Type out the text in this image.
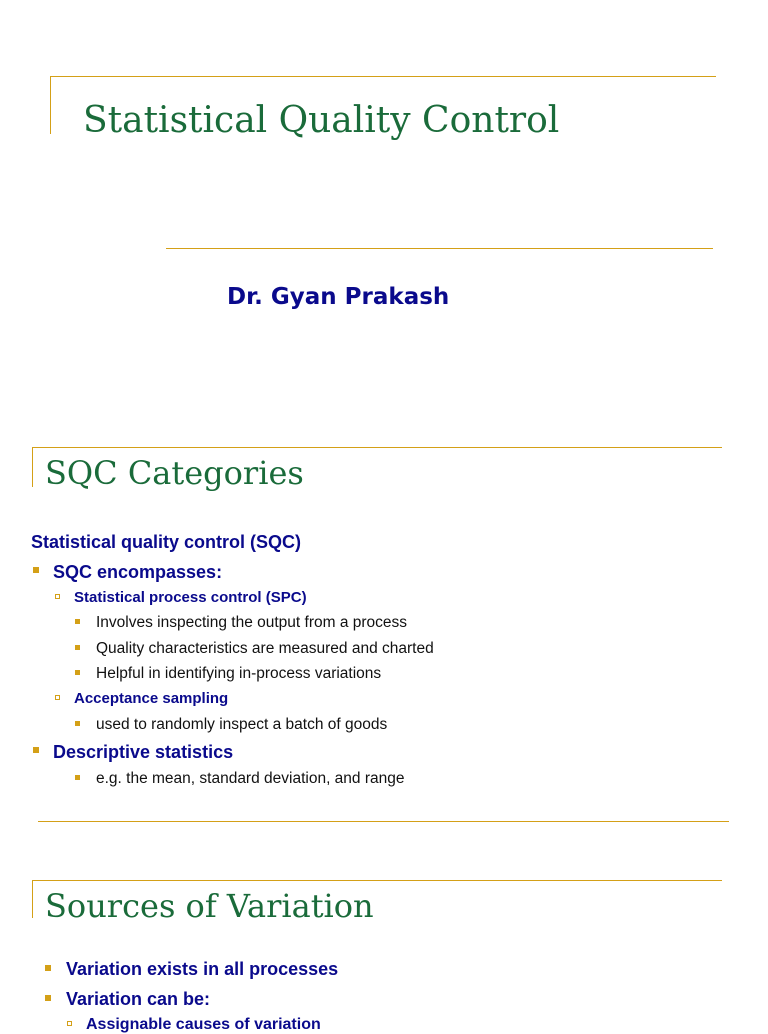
Statistical Quality Control
Dr. Gyan Prakash
SQC Categories
Statistical quality control (SQC)
SQC encompasses:
Statistical process control (SPC)
Involves inspecting the output from a process
Quality characteristics are measured and charted
Helpful in identifying in-process variations
Acceptance sampling
used to randomly inspect a batch of goods
Descriptive statistics
e.g. the mean, standard deviation, and range
Sources of Variation
Variation exists in all processes
Variation can be:
Assignable causes of variation
